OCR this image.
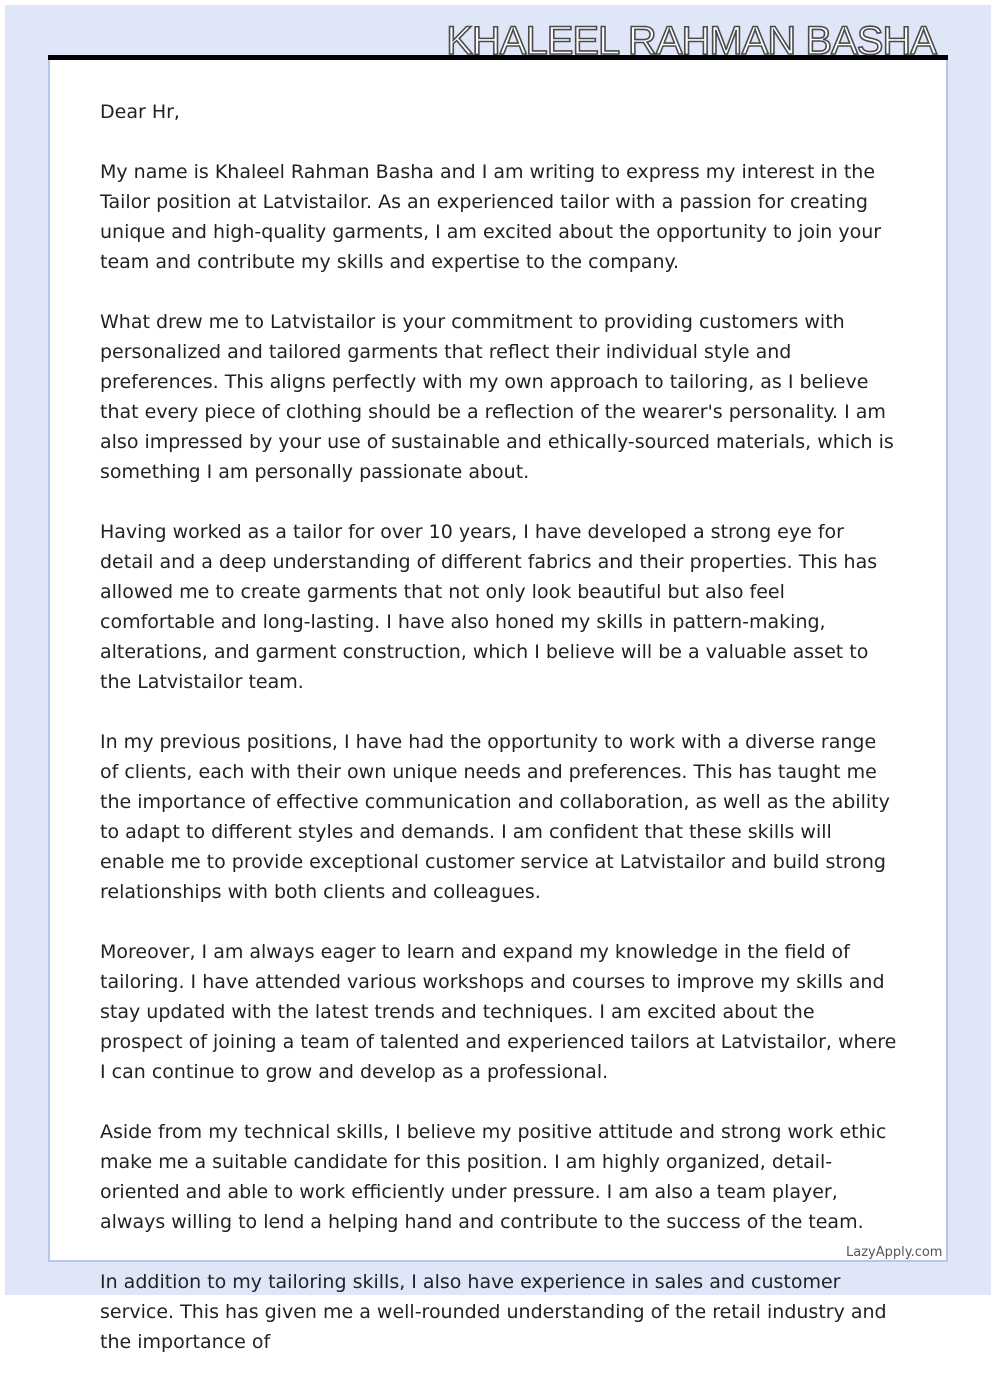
KHALEEL RAHMAN BASHA

Dear Hr,

My name is Khaleel Rahman Basha and I am writing to express my interest in the Tailor position at Latvistailor. As an experienced tailor with a passion for creating unique and high-quality garments, I am excited about the opportunity to join your team and contribute my skills and expertise to the company.

What drew me to Latvistailor is your commitment to providing customers with personalized and tailored garments that reflect their individual style and preferences. This aligns perfectly with my own approach to tailoring, as I believe that every piece of clothing should be a reflection of the wearer's personality. I am also impressed by your use of sustainable and ethically-sourced materials, which is something I am personally passionate about.

Having worked as a tailor for over 10 years, I have developed a strong eye for detail and a deep understanding of different fabrics and their properties. This has allowed me to create garments that not only look beautiful but also feel comfortable and long-lasting. I have also honed my skills in pattern-making, alterations, and garment construction, which I believe will be a valuable asset to the Latvistailor team.

In my previous positions, I have had the opportunity to work with a diverse range of clients, each with their own unique needs and preferences. This has taught me the importance of effective communication and collaboration, as well as the ability to adapt to different styles and demands. I am confident that these skills will enable me to provide exceptional customer service at Latvistailor and build strong relationships with both clients and colleagues.

Moreover, I am always eager to learn and expand my knowledge in the field of tailoring. I have attended various workshops and courses to improve my skills and stay updated with the latest trends and techniques. I am excited about the prospect of joining a team of talented and experienced tailors at Latvistailor, where I can continue to grow and develop as a professional.

Aside from my technical skills, I believe my positive attitude and strong work ethic make me a suitable candidate for this position. I am highly organized, detail-oriented and able to work efficiently under pressure. I am also a team player, always willing to lend a helping hand and contribute to the success of the team.

In addition to my tailoring skills, I also have experience in sales and customer service. This has given me a well-rounded understanding of the retail industry and the importance of

LazyApply.com
